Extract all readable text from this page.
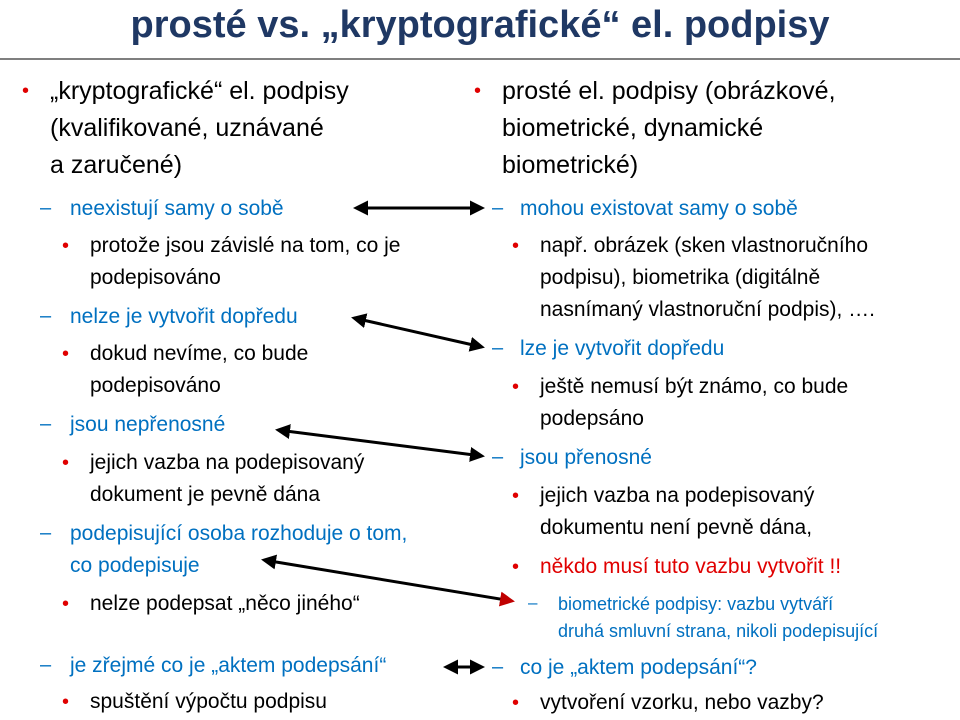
prosté vs. „kryptografické“ el. podpisy
• „kryptografické“ el. podpisy
(kvalifikované, uznávané
a zaručené)
– neexistují samy o sobě
• protože jsou závislé na tom, co je
podepisováno
– nelze je vytvořit dopředu
• dokud nevíme, co bude
podepisováno
– jsou nepřenosné
• jejich vazba na podepisovaný
dokument je pevně dána
– podepisující osoba rozhoduje o tom,
co podepisuje
• nelze podepsat „něco jiného“
– je zřejmé co je „aktem podepsání“
• spuštění výpočtu podpisu
• prosté el. podpisy (obrázkové,
biometrické, dynamické
biometrické)
– mohou existovat samy o sobě
• např. obrázek (sken vlastnoručního
podpisu), biometrika (digitálně
nasnímaný vlastnoruční podpis), ….
– lze je vytvořit dopředu
• ještě nemusí být známo, co bude
podepsáno
– jsou přenosné
• jejich vazba na podepisovaný
dokumentu není pevně dána,
• někdo musí tuto vazbu vytvořit !!
– biometrické podpisy: vazbu vytváří
druhá smluvní strana, nikoli podepisující
– co je „aktem podepsání“?
• vytvoření vzorku, nebo vazby?
